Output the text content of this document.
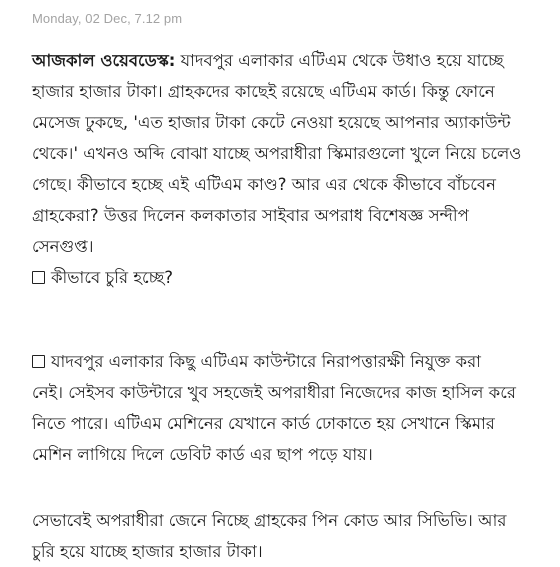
Monday, 02 Dec, 7.12 pm

আজকাল ওয়েবডেস্ক: যাদবপুর এলাকার এটিএম থেকে উধাও হয়ে যাচ্ছে
হাজার হাজার টাকা। গ্রাহকদের কাছেই রয়েছে এটিএম কার্ড। কিন্তু ফোনে
মেসেজ ঢুকছে, 'এত হাজার টাকা কেটে নেওয়া হয়েছে আপনার অ্যাকাউন্ট
থেকে।' এখনও অব্দি বোঝা যাচ্ছে অপরাধীরা স্কিমারগুলো খুলে নিয়ে চলেও
গেছে। কীভাবে হচ্ছে এই এটিএম কাণ্ড? আর এর থেকে কীভাবে বাঁচবেন
গ্রাহকেরা? উত্তর দিলেন কলকাতার সাইবার অপরাধ বিশেষজ্ঞ সন্দীপ
সেনগুপ্ত।
কীভাবে চুরি হচ্ছে?

যাদবপুর এলাকার কিছু এটিএম কাউন্টারে নিরাপত্তারক্ষী নিযুক্ত করা
নেই। সেইসব কাউন্টারে খুব সহজেই অপরাধীরা নিজেদের কাজ হাসিল করে
নিতে পারে। এটিএম মেশিনের যেখানে কার্ড ঢোকাতে হয় সেখানে স্কিমার
মেশিন লাগিয়ে দিলে ডেবিট কার্ড এর ছাপ পড়ে যায়।

সেভাবেই অপরাধীরা জেনে নিচ্ছে গ্রাহকের পিন কোড আর সিভিভি। আর
চুরি হয়ে যাচ্ছে হাজার হাজার টাকা।
